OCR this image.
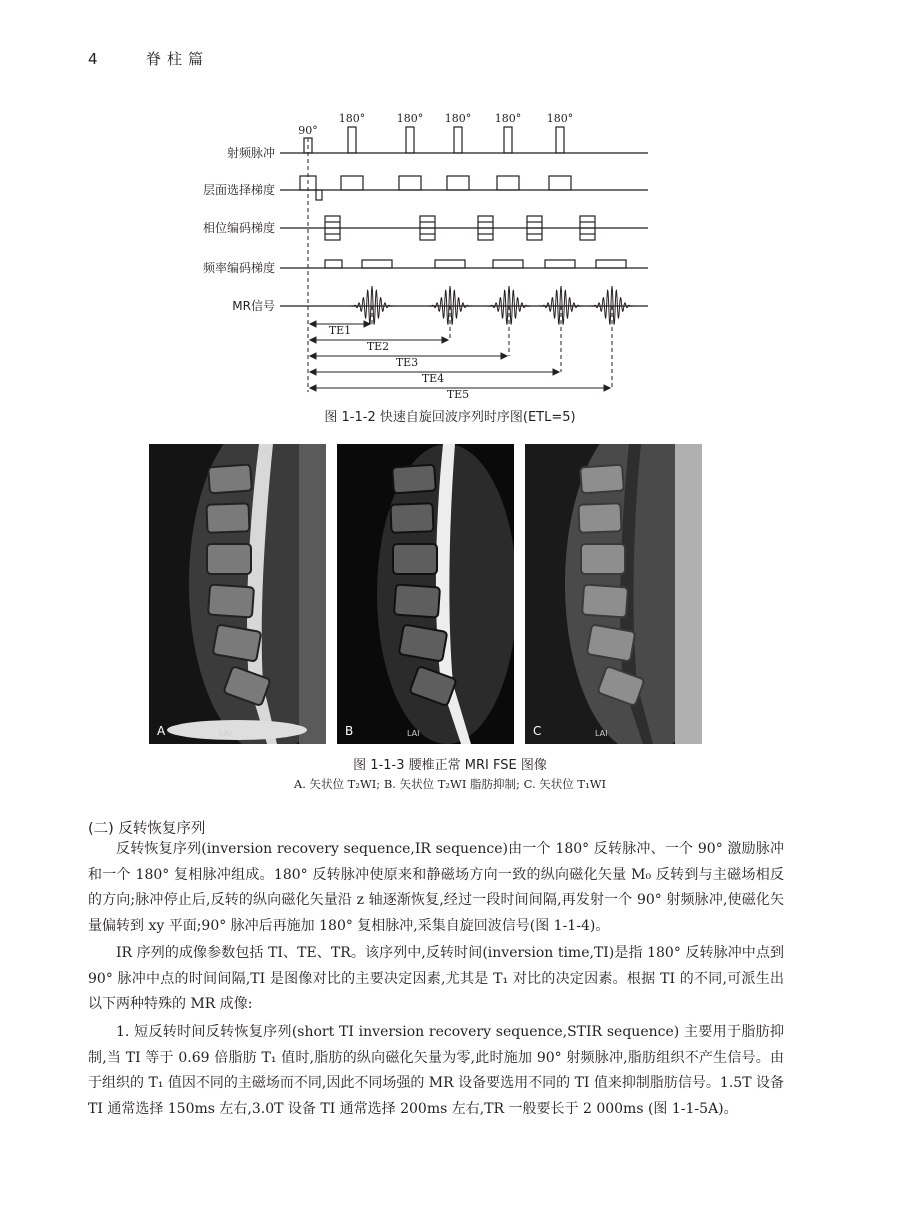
4	脊柱篇
射频脉冲
层面选择梯度
相位编码梯度
频率编码梯度
MR信号
90°
180°	180° 180° 180° 180°
TE1
TE2
TE3
TE4
TE5
图 1-1-2 快速自旋回波序列时序图(ETL=5)
A	LAI	B	LAI	C	LAI
图 1-1-3 腰椎正常 MRI FSE 图像
A. 矢状位 T₂WI; B. 矢状位 T₂WI 脂肪抑制; C. 矢状位 T₁WI
(二) 反转恢复序列

反转恢复序列(inversion recovery sequence,IR sequence)由一个 180° 反转脉冲、一个 90° 激励脉冲和一个 180° 复相脉冲组成。180° 反转脉冲使原来和静磁场方向一致的纵向磁化矢量 M₀ 反转到与主磁场相反的方向;脉冲停止后,反转的纵向磁化矢量沿 z 轴逐渐恢复,经过一段时间间隔,再发射一个 90° 射频脉冲,使磁化矢量偏转到 xy 平面;90° 脉冲后再施加 180° 复相脉冲,采集自旋回波信号(图 1-1-4)。

IR 序列的成像参数包括 TI、TE、TR。该序列中,反转时间(inversion time,TI)是指 180° 反转脉冲中点到 90° 脉冲中点的时间间隔,TI 是图像对比的主要决定因素,尤其是 T₁ 对比的决定因素。根据 TI 的不同,可派生出以下两种特殊的 MR 成像:

1. 短反转时间反转恢复序列(short TI inversion recovery sequence,STIR sequence) 主要用于脂肪抑制,当 TI 等于 0.69 倍脂肪 T₁ 值时,脂肪的纵向磁化矢量为零,此时施加 90° 射频脉冲,脂肪组织不产生信号。由于组织的 T₁ 值因不同的主磁场而不同,因此不同场强的 MR 设备要选用不同的 TI 值来抑制脂肪信号。1.5T 设备 TI 通常选择 150ms 左右,3.0T 设备 TI 通常选择 200ms 左右,TR 一般要长于 2 000ms (图 1-1-5A)。
